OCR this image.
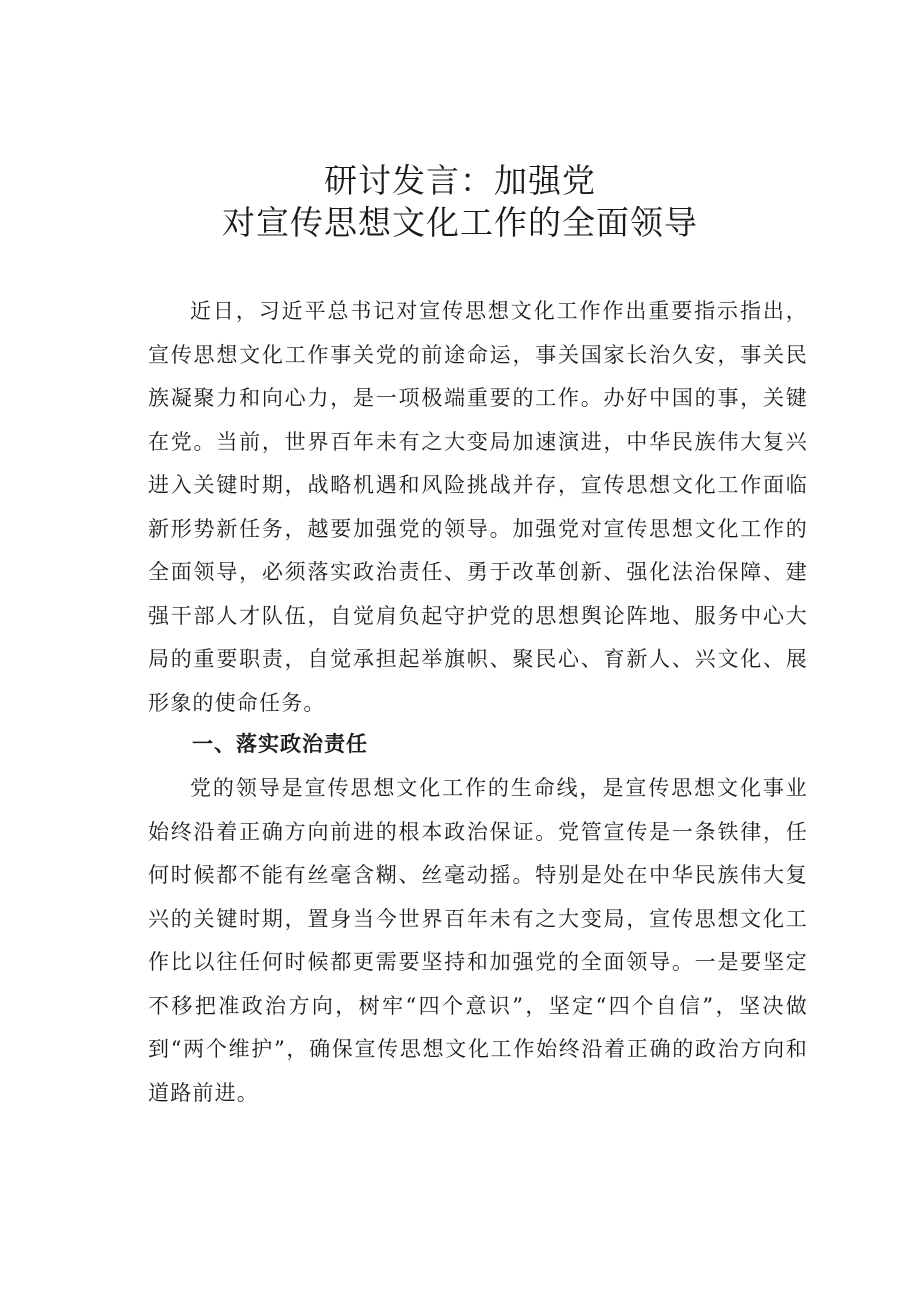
研讨发言：加强党
对宣传思想文化工作的全面领导

近日，习近平总书记对宣传思想文化工作作出重要指示指出，宣传思想文化工作事关党的前途命运，事关国家长治久安，事关民族凝聚力和向心力，是一项极端重要的工作。办好中国的事，关键在党。当前，世界百年未有之大变局加速演进，中华民族伟大复兴进入关键时期，战略机遇和风险挑战并存，宣传思想文化工作面临新形势新任务，越要加强党的领导。加强党对宣传思想文化工作的全面领导，必须落实政治责任、勇于改革创新、强化法治保障、建强干部人才队伍，自觉肩负起守护党的思想舆论阵地、服务中心大局的重要职责，自觉承担起举旗帜、聚民心、育新人、兴文化、展形象的使命任务。

一、落实政治责任

党的领导是宣传思想文化工作的生命线，是宣传思想文化事业始终沿着正确方向前进的根本政治保证。党管宣传是一条铁律，任何时候都不能有丝毫含糊、丝毫动摇。特别是处在中华民族伟大复兴的关键时期，置身当今世界百年未有之大变局，宣传思想文化工作比以往任何时候都更需要坚持和加强党的全面领导。一是要坚定不移把准政治方向，树牢“四个意识”，坚定“四个自信”，坚决做到“两个维护”，确保宣传思想文化工作始终沿着正确的政治方向和道路前进。
